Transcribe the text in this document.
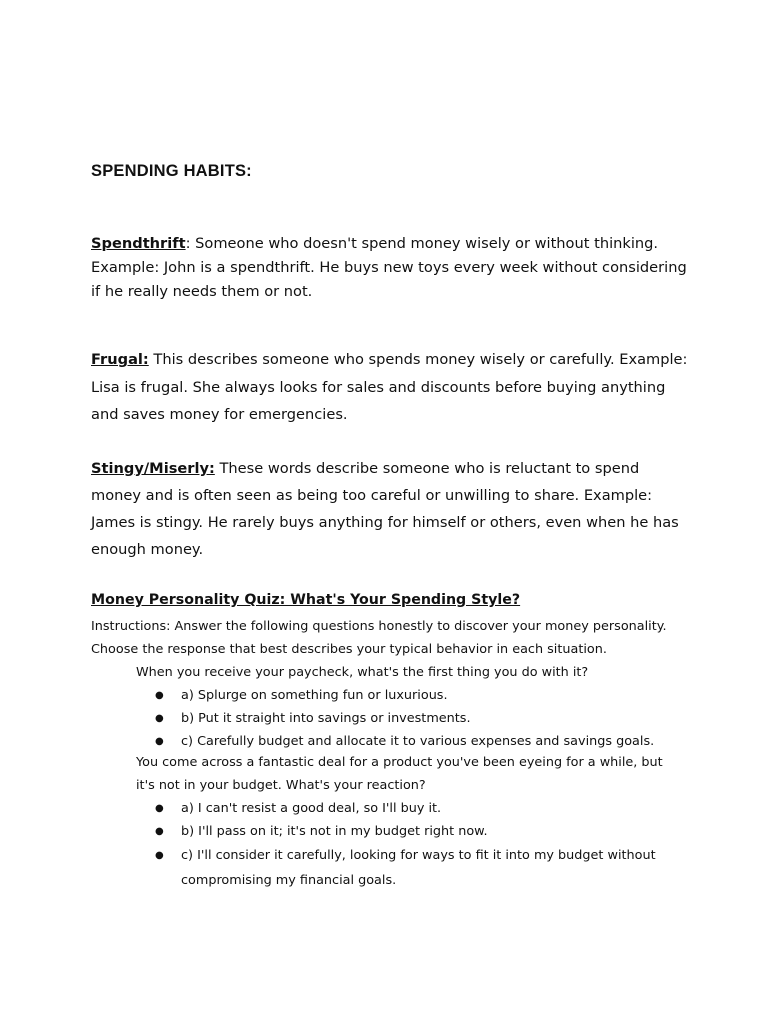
SPENDING HABITS:

Spendthrift: Someone who doesn't spend money wisely or without thinking. Example: John is a spendthrift. He buys new toys every week without considering if he really needs them or not.

Frugal: This describes someone who spends money wisely or carefully. Example: Lisa is frugal. She always looks for sales and discounts before buying anything and saves money for emergencies.

Stingy/Miserly: These words describe someone who is reluctant to spend money and is often seen as being too careful or unwilling to share. Example: James is stingy. He rarely buys anything for himself or others, even when he has enough money.

Money Personality Quiz: What's Your Spending Style?

Instructions: Answer the following questions honestly to discover your money personality. Choose the response that best describes your typical behavior in each situation.

When you receive your paycheck, what's the first thing you do with it?

● a) Splurge on something fun or luxurious.
● b) Put it straight into savings or investments.
● c) Carefully budget and allocate it to various expenses and savings goals.

You come across a fantastic deal for a product you've been eyeing for a while, but it's not in your budget. What's your reaction?

● a) I can't resist a good deal, so I'll buy it.
● b) I'll pass on it; it's not in my budget right now.
● c) I'll consider it carefully, looking for ways to fit it into my budget without compromising my financial goals.
